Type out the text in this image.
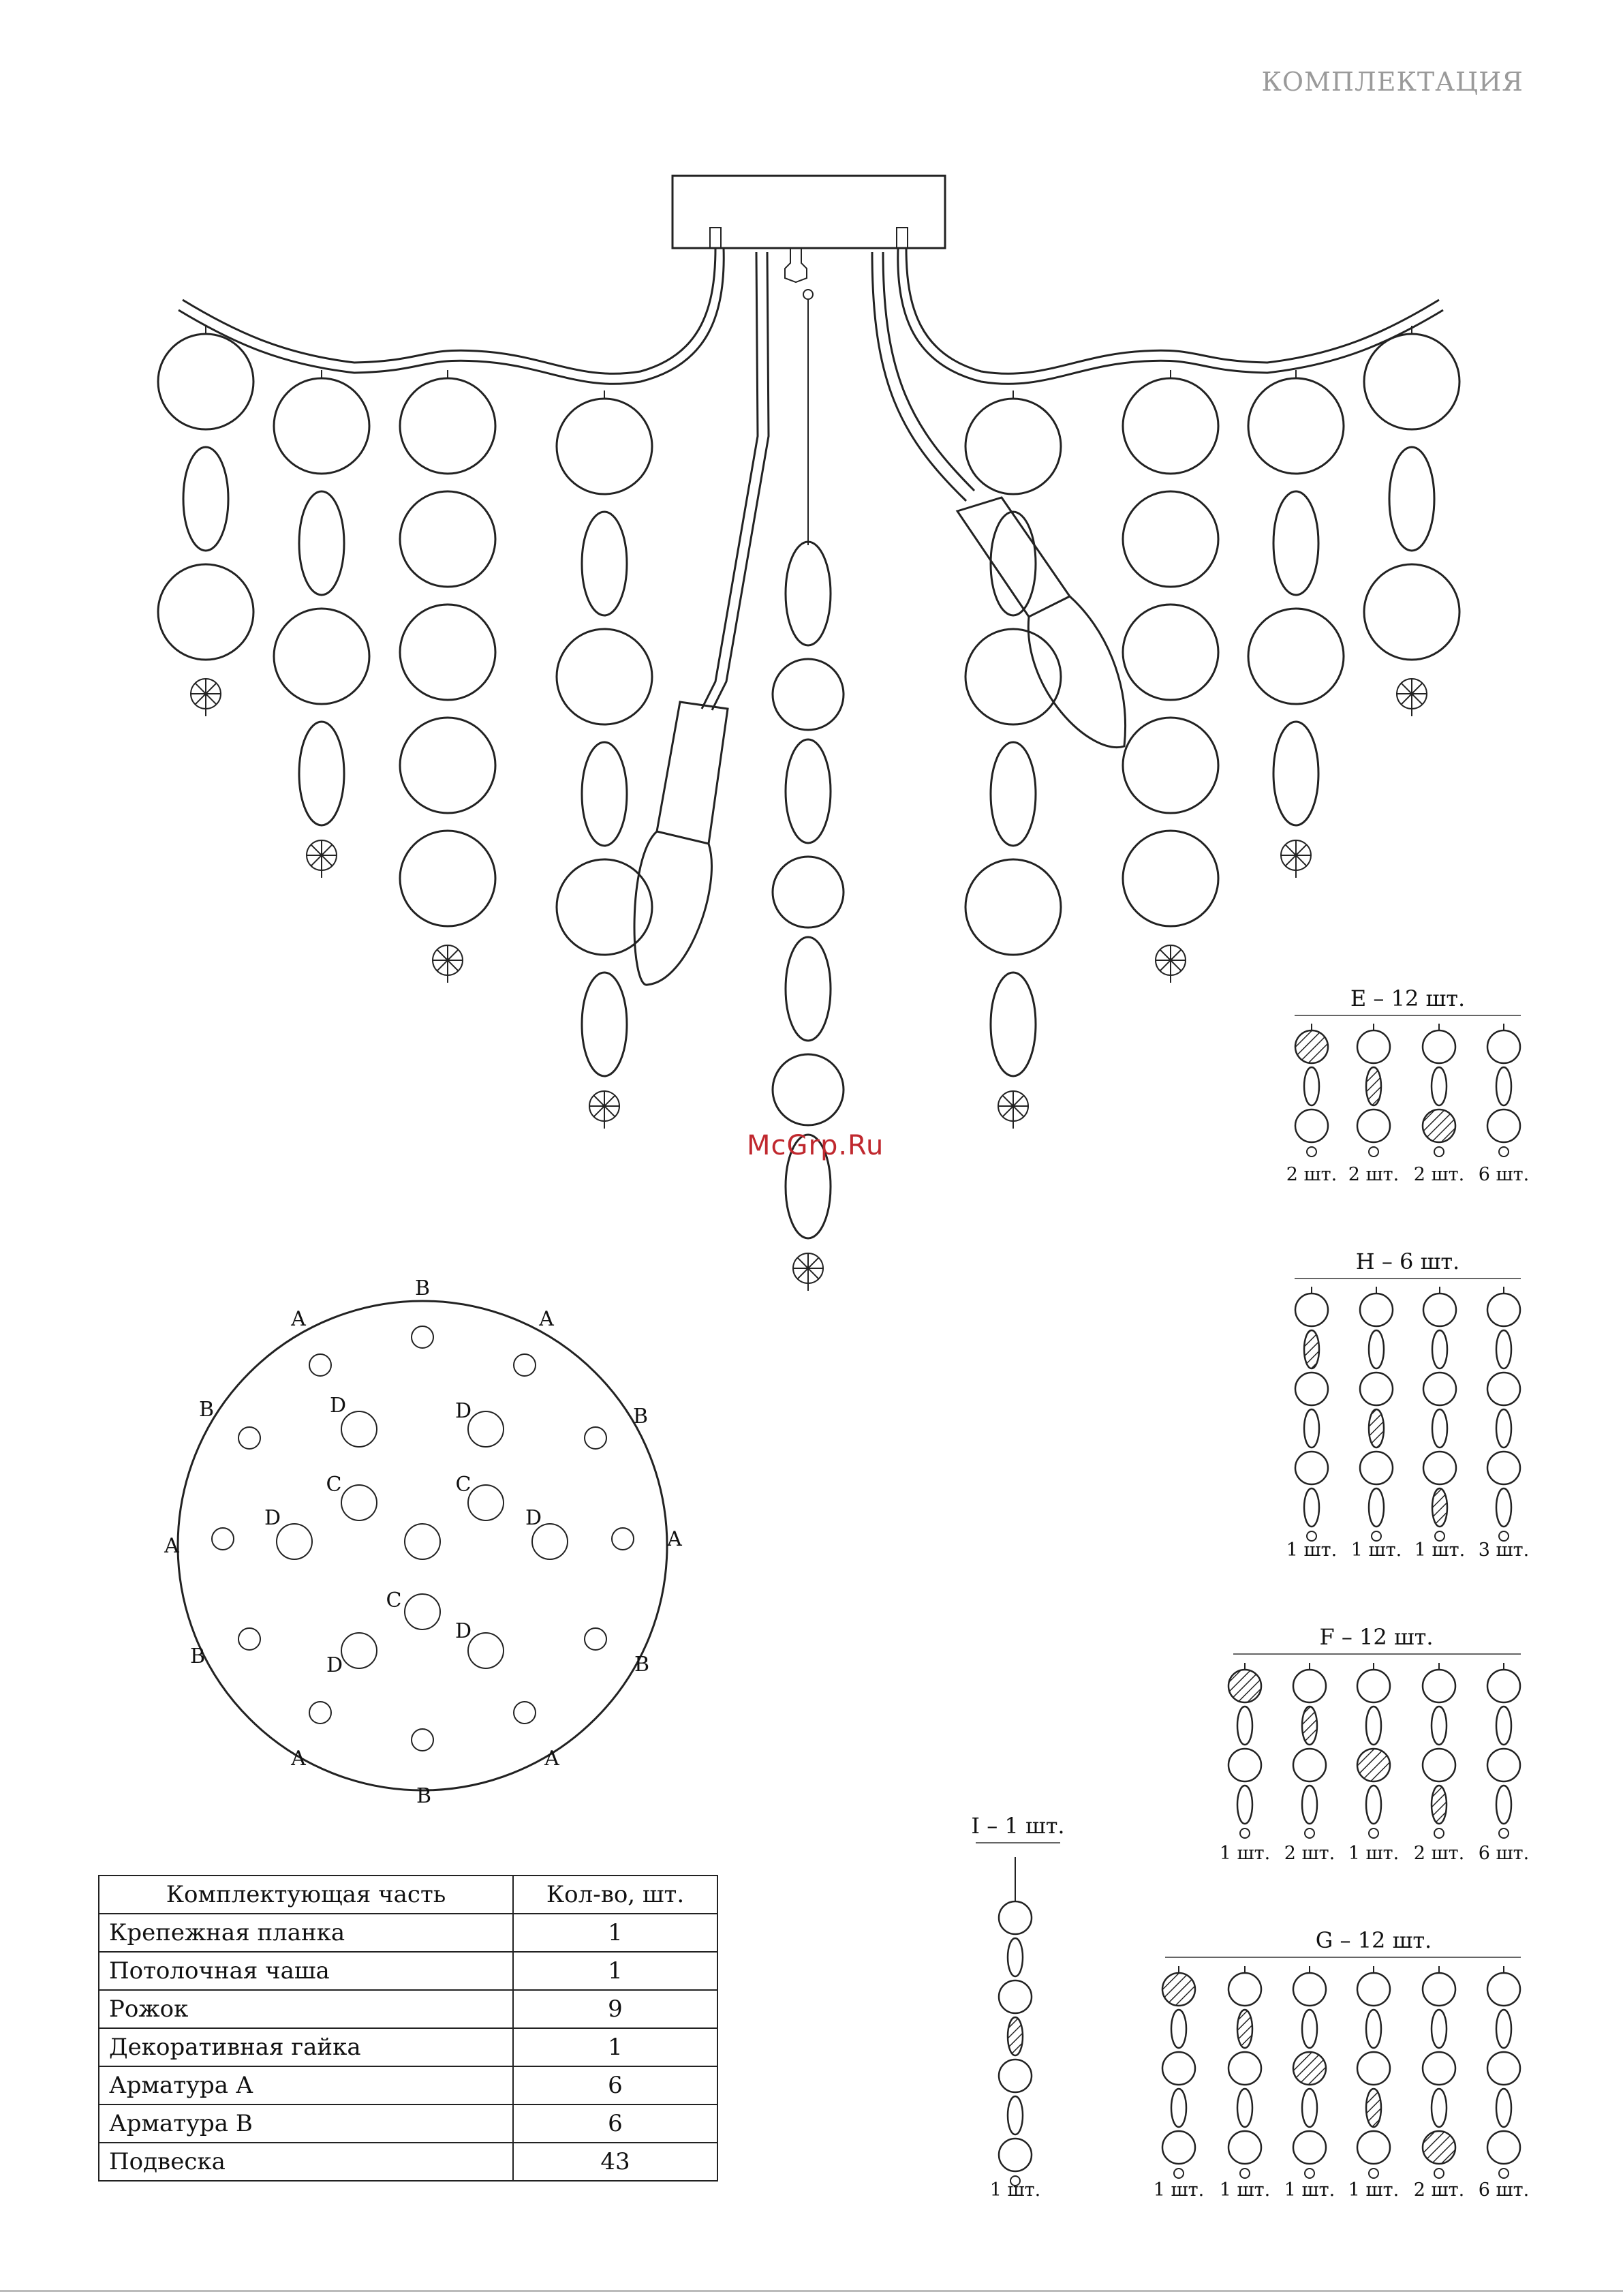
КОМПЛЕКТАЦИЯ
B
A	A
B	B
A	A
B	B
A	A
B
D	D
C	C
D	D
C
D
D
E – 12 шт.
2 шт. 2 шт. 2 шт. 6 шт.
H – 6 шт.
1 шт. 1 шт. 1 шт. 3 шт.
F – 12 шт.
1 шт. 2 шт. 1 шт. 2 шт. 6 шт.
G – 12 шт.
1 шт. 1 шт. 1 шт. 1 шт. 2 шт. 6 шт.
I – 1 шт.
1 шт.
McGrp.Ru
Комплектующая часть	Кол-во, шт.
Крепежная планка	1
Потолочная чаша	1
Рожок	9
Декоративная гайка	1
Арматура А	6
Арматура В	6
Подвеска	43
